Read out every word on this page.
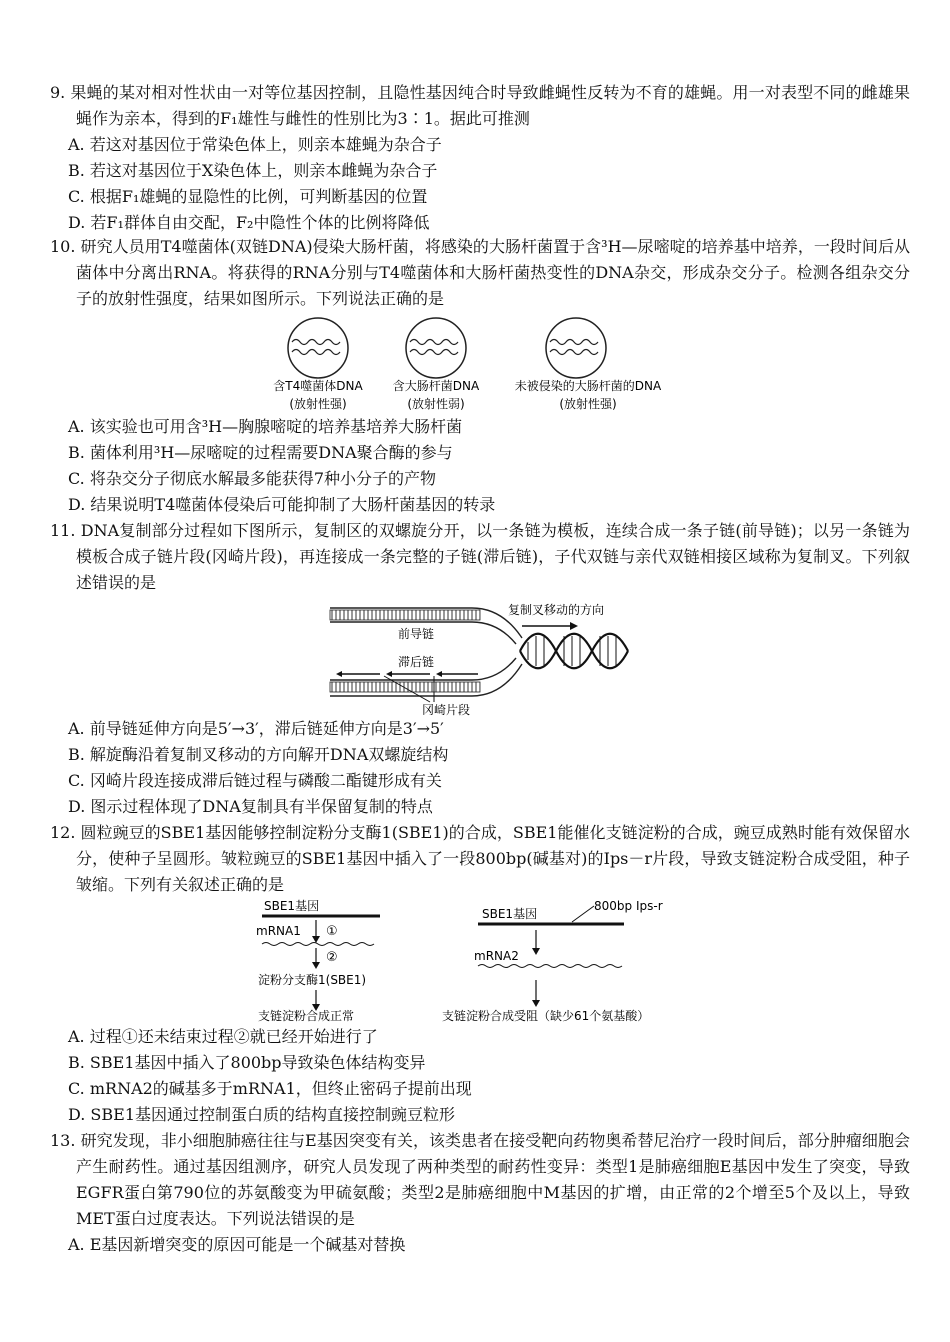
9. 果蝇的某对相对性状由一对等位基因控制，且隐性基因纯合时导致雌蝇性反转为不育的雄蝇。用一对表型不同的雌雄果蝇作为亲本，得到的F₁雄性与雌性的性别比为3∶1。据此可推测
A. 若这对基因位于常染色体上，则亲本雄蝇为杂合子
B. 若这对基因位于X染色体上，则亲本雌蝇为杂合子
C. 根据F₁雄蝇的显隐性的比例，可判断基因的位置
D. 若F₁群体自由交配，F₂中隐性个体的比例将降低
10. 研究人员用T4噬菌体(双链DNA)侵染大肠杆菌，将感染的大肠杆菌置于含³H—尿嘧啶的培养基中培养，一段时间后从菌体中分离出RNA。将获得的RNA分别与T4噬菌体和大肠杆菌热变性的DNA杂交，形成杂交分子。检测各组杂交分子的放射性强度，结果如图所示。下列说法正确的是
含T4噬菌体DNA
(放射性强)
含大肠杆菌DNA
(放射性弱)
未被侵染的大肠杆菌的DNA
(放射性强)
A. 该实验也可用含³H—胸腺嘧啶的培养基培养大肠杆菌
B. 菌体利用³H—尿嘧啶的过程需要DNA聚合酶的参与
C. 将杂交分子彻底水解最多能获得7种小分子的产物
D. 结果说明T4噬菌体侵染后可能抑制了大肠杆菌基因的转录
11. DNA复制部分过程如下图所示，复制区的双螺旋分开，以一条链为模板，连续合成一条子链(前导链)；以另一条链为模板合成子链片段(冈崎片段)，再连接成一条完整的子链(滞后链)，子代双链与亲代双链相接区域称为复制叉。下列叙述错误的是
复制叉移动的方向
前导链
滞后链
冈崎片段
A. 前导链延伸方向是5′→3′，滞后链延伸方向是3′→5′
B. 解旋酶沿着复制叉移动的方向解开DNA双螺旋结构
C. 冈崎片段连接成滞后链过程与磷酸二酯键形成有关
D. 图示过程体现了DNA复制具有半保留复制的特点
12. 圆粒豌豆的SBE1基因能够控制淀粉分支酶1(SBE1)的合成，SBE1能催化支链淀粉的合成，豌豆成熟时能有效保留水分，使种子呈圆形。皱粒豌豆的SBE1基因中插入了一段800bp(碱基对)的Ips－r片段，导致支链淀粉合成受阻，种子皱缩。下列有关叙述正确的是
SBE1基因
mRNA1 ①
②
淀粉分支酶1(SBE1)
支链淀粉合成正常
SBE1基因
800bp Ips-r
mRNA2
支链淀粉合成受阻（缺少61个氨基酸）
A. 过程①还未结束过程②就已经开始进行了
B. SBE1基因中插入了800bp导致染色体结构变异
C. mRNA2的碱基多于mRNA1，但终止密码子提前出现
D. SBE1基因通过控制蛋白质的结构直接控制豌豆粒形
13. 研究发现，非小细胞肺癌往往与E基因突变有关，该类患者在接受靶向药物奥希替尼治疗一段时间后，部分肿瘤细胞会产生耐药性。通过基因组测序，研究人员发现了两种类型的耐药性变异：类型1是肺癌细胞E基因中发生了突变，导致EGFR蛋白第790位的苏氨酸变为甲硫氨酸；类型2是肺癌细胞中M基因的扩增，由正常的2个增至5个及以上，导致MET蛋白过度表达。下列说法错误的是
A. E基因新增突变的原因可能是一个碱基对替换
